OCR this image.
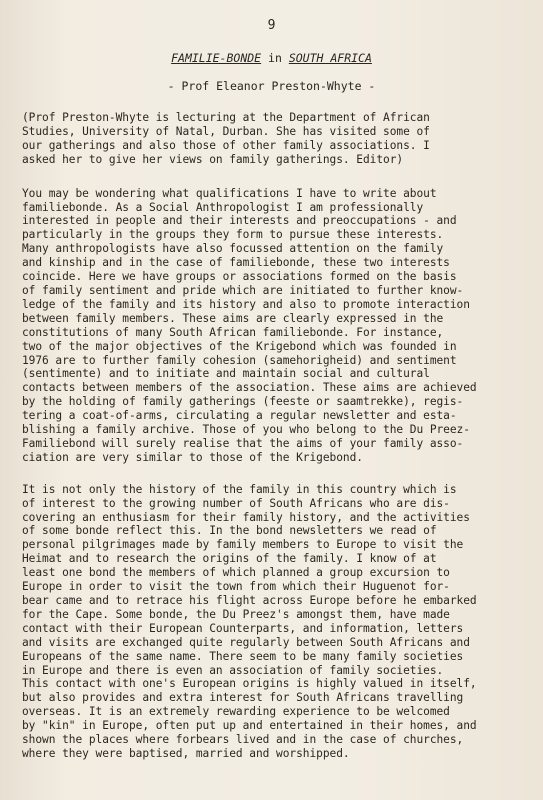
9
FAMILIE-BONDE in SOUTH AFRICA
- Prof Eleanor Preston-Whyte -

(Prof Preston-Whyte is lecturing at the Department of African
Studies, University of Natal, Durban. She has visited some of
our gatherings and also those of other family associations. I
asked her to give her views on family gatherings. Editor)

You may be wondering what qualifications I have to write about
familiebonde. As a Social Anthropologist I am professionally
interested in people and their interests and preoccupations - and
particularly in the groups they form to pursue these interests.
Many anthropologists have also focussed attention on the family
and kinship and in the case of familiebonde, these two interests
coincide. Here we have groups or associations formed on the basis
of family sentiment and pride which are initiated to further know-
ledge of the family and its history and also to promote interaction
between family members. These aims are clearly expressed in the
constitutions of many South African familiebonde. For instance,
two of the major objectives of the Krigebond which was founded in
1976 are to further family cohesion (samehorigheid) and sentiment
(sentimente) and to initiate and maintain social and cultural
contacts between members of the association. These aims are achieved
by the holding of family gatherings (feeste or saamtrekke), regis-
tering a coat-of-arms, circulating a regular newsletter and esta-
blishing a family archive. Those of you who belong to the Du Preez-
Familiebond will surely realise that the aims of your family asso-
ciation are very similar to those of the Krigebond.

It is not only the history of the family in this country which is
of interest to the growing number of South Africans who are dis-
covering an enthusiasm for their family history, and the activities
of some bonde reflect this. In the bond newsletters we read of
personal pilgrimages made by family members to Europe to visit the
Heimat and to research the origins of the family. I know of at
least one bond the members of which planned a group excursion to
Europe in order to visit the town from which their Huguenot for-
bear came and to retrace his flight across Europe before he embarked
for the Cape. Some bonde, the Du Preez's amongst them, have made
contact with their European Counterparts, and information, letters
and visits are exchanged quite regularly between South Africans and
Europeans of the same name. There seem to be many family societies
in Europe and there is even an association of family societies.
This contact with one's European origins is highly valued in itself,
but also provides and extra interest for South Africans travelling
overseas. It is an extremely rewarding experience to be welcomed
by "kin" in Europe, often put up and entertained in their homes, and
shown the places where forbears lived and in the case of churches,
where they were baptised, married and worshipped.
